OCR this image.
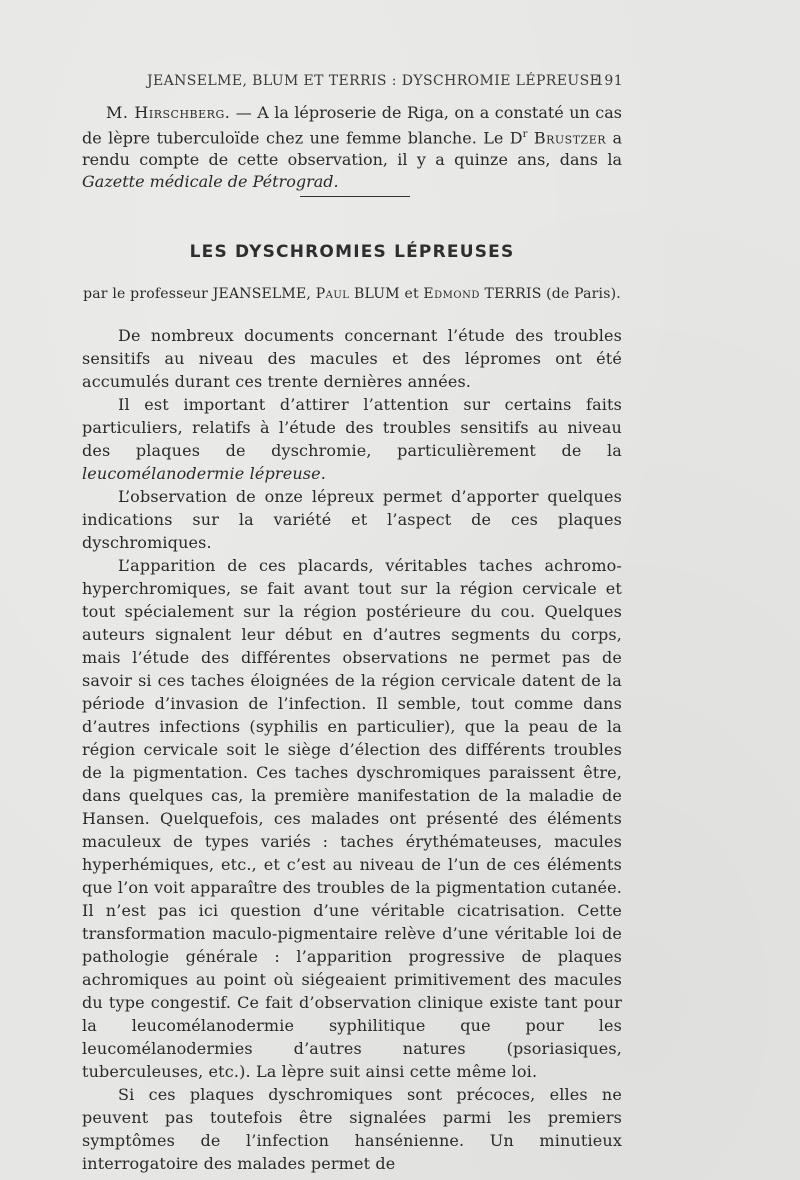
JEANSELME, BLUM ET TERRIS : DYSCHROMIE LÉPREUSE
191

M. Hirschberg. — A la léproserie de Riga, on a constaté un cas de lèpre tuberculoïde chez une femme blanche. Le $D^r$ Brustzer a rendu compte de cette observation, il y a quinze ans, dans la Gazette médicale de Pétrograd.

LES DYSCHROMIES LÉPREUSES
par le professeur JEANSELME, Paul BLUM et Edmond TERRIS (de Paris).

De nombreux documents concernant l’étude des troubles sensitifs au niveau des macules et des lépromes ont été accumulés durant ces trente dernières années.

Il est important d’attirer l’attention sur certains faits particuliers, relatifs à l’étude des troubles sensitifs au niveau des plaques de dyschromie, particulièrement de la leucomélanodermie lépreuse.

L’observation de onze lépreux permet d’apporter quelques indications sur la variété et l’aspect de ces plaques dyschromiques.

L’apparition de ces placards, véritables taches achromo-hyperchromiques, se fait avant tout sur la région cervicale et tout spécialement sur la région postérieure du cou. Quelques auteurs signalent leur début en d’autres segments du corps, mais l’étude des différentes observations ne permet pas de savoir si ces taches éloignées de la région cervicale datent de la période d’invasion de l’infection. Il semble, tout comme dans d’autres infections (syphilis en particulier), que la peau de la région cervicale soit le siège d’élection des différents troubles de la pigmentation. Ces taches dyschromiques paraissent être, dans quelques cas, la première manifestation de la maladie de Hansen. Quelquefois, ces malades ont présenté des éléments maculeux de types variés : taches érythémateuses, macules hyperhémiques, etc., et c’est au niveau de l’un de ces éléments que l’on voit apparaître des troubles de la pigmentation cutanée. Il n’est pas ici question d’une véritable cicatrisation. Cette transformation maculo-pigmentaire relève d’une véritable loi de pathologie générale : l’apparition progressive de plaques achromiques au point où siégeaient primitivement des macules du type congestif. Ce fait d’observation clinique existe tant pour la leucomélanodermie syphilitique que pour les leucomélanodermies d’autres natures (psoriasiques, tuberculeuses, etc.). La lèpre suit ainsi cette même loi.

Si ces plaques dyschromiques sont précoces, elles ne peuvent pas toutefois être signalées parmi les premiers symptômes de l’infection hansénienne. Un minutieux interrogatoire des malades permet de
